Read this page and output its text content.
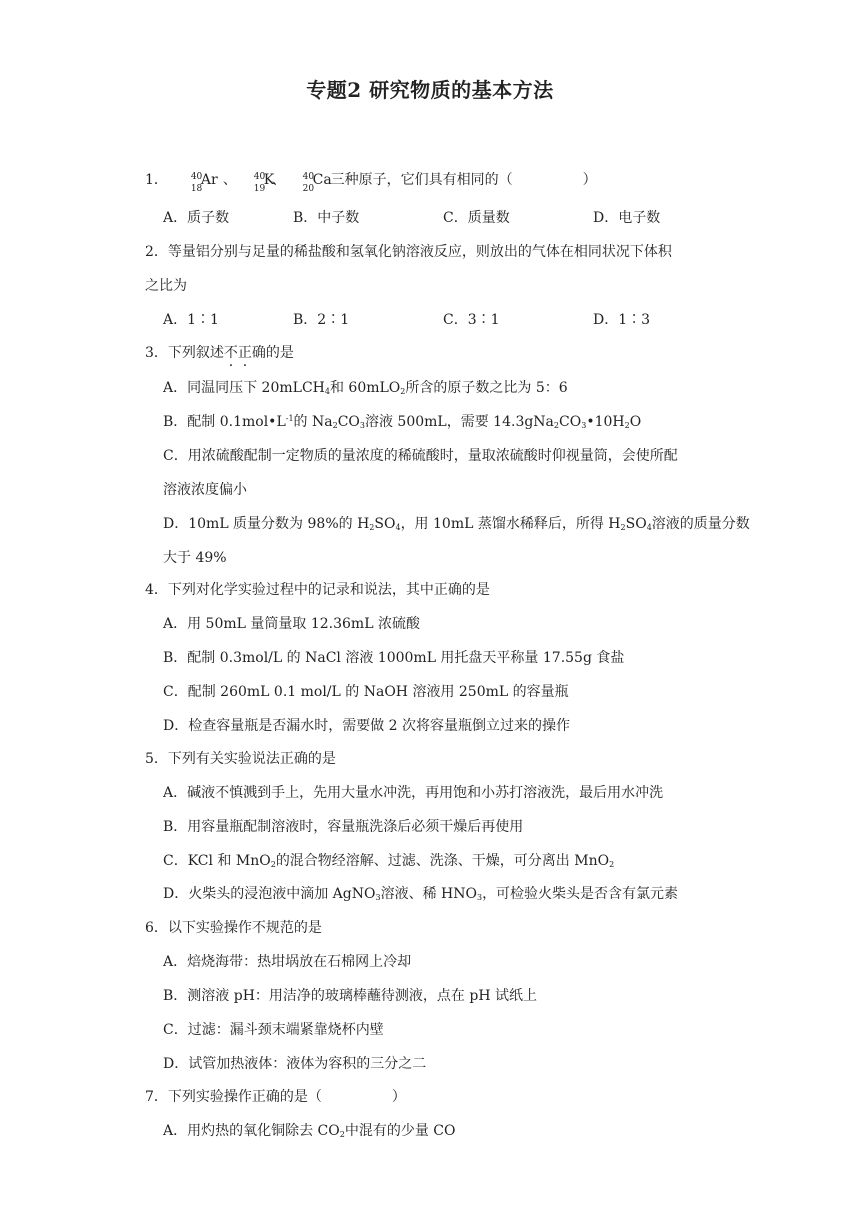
专题2 研究物质的基本方法
1．	40
18
Ar 、 40
19
K
、 40
20
Ca
三种原子，它们具有相同的（　　　　　）
A．质子数	B．中子数	C．质量数	D．电子数
2．等量铝分别与足量的稀盐酸和氢氧化钠溶液反应，则放出的气体在相同状况下体积
之比为
A．1∶1	B．2∶1	C．3∶1	D．1∶3
3．下列叙述不正确的是
A．同温同压下 20mLCH$_4$和 60mLO$_2$所含的原子数之比为 5：6
B．配制 $0.1mol•L^{-1}$的 $Na_2CO_3$溶液 500mL，需要 $14.3gNa_2CO_3•10H_2O$
C．用浓硫酸配制一定物质的量浓度的稀硫酸时，量取浓硫酸时仰视量筒，会使所配
溶液浓度偏小
D．10mL 质量分数为 98%的 $H_2SO_4$，用 10mL 蒸馏水稀释后，所得 $H_2SO_4$溶液的质量分数
大于 49%
4．下列对化学实验过程中的记录和说法，其中正确的是
A．用 50mL 量筒量取 12.36mL 浓硫酸
B．配制 0.3mol/L 的 NaCl 溶液 1000mL 用托盘天平称量 17.55g 食盐
C．配制 260mL 0.1 mol/L 的 NaOH 溶液用 250mL 的容量瓶
D．检查容量瓶是否漏水时，需要做 2 次将容量瓶倒立过来的操作
5．下列有关实验说法正确的是
A．碱液不慎溅到手上，先用大量水冲洗，再用饱和小苏打溶液洗，最后用水冲洗
B．用容量瓶配制溶液时，容量瓶洗涤后必须干燥后再使用
C．KCl 和 MnO$_2$的混合物经溶解、过滤、洗涤、干燥，可分离出 MnO$_2$
D．火柴头的浸泡液中滴加 AgNO$_3$溶液、稀 $HNO_3$，可检验火柴头是否含有氯元素
6．以下实验操作不规范的是
A．焙烧海带：热坩埚放在石棉网上冷却
B．测溶液 pH：用洁净的玻璃棒蘸待测液，点在 pH 试纸上
C．过滤：漏斗颈末端紧靠烧杯内壁
D．试管加热液体：液体为容积的三分之二
7．下列实验操作正确的是（　　　　　）
A．用灼热的氧化铜除去 $CO_2$中混有的少量 CO
